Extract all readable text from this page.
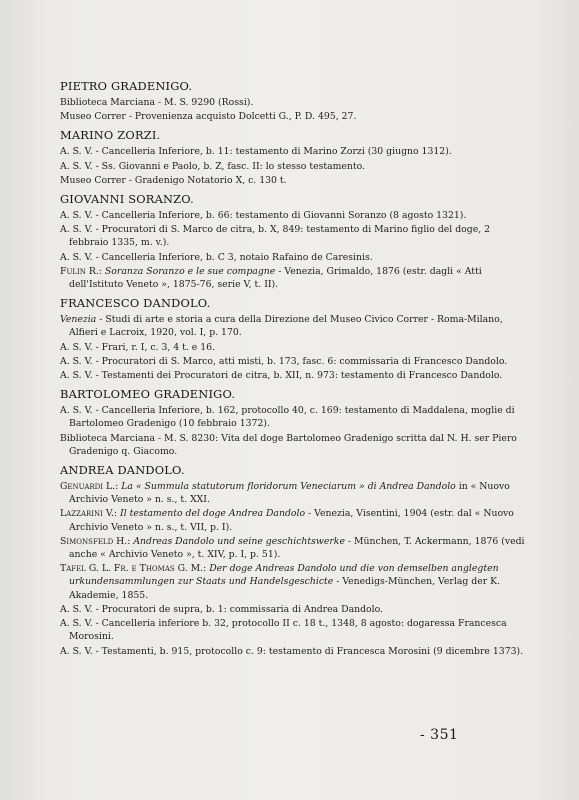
PIETRO GRADENIGO.
Biblioteca Marciana - M. S. 9290 (Rossi).
Museo Correr - Provenienza acquisto Dolcetti G., P. D. 495, 27.
MARINO ZORZI.
A. S. V. - Cancelleria Inferiore, b. 11: testamento di Marino Zorzi (30 giugno 1312).
A. S. V. - Ss. Giovanni e Paolo, b. Z, fasc. II: lo stesso testamento.
Museo Correr - Gradenigo Notatorio X, c. 130 t.
GIOVANNI SORANZO.
A. S. V. - Cancelleria Inferiore, b. 66: testamento di Giovanni Soranzo (8 agosto 1321).
A. S. V. - Procuratori di S. Marco de citra, b. X, 849: testamento di Marino figlio del doge, 2 febbraio 1335, m. v.).
A. S. V. - Cancelleria Inferiore, b. C 3, notaio Rafaino de Caresinis.
Fulin R.: Soranza Soranzo e le sue compagne - Venezia, Grimaldo, 1876 (estr. dagli « Atti dell'Istituto Veneto », 1875-76, serie V, t. II).
FRANCESCO DANDOLO.
Venezia - Studi di arte e storia a cura della Direzione del Museo Civico Correr - Roma-Milano, Alfieri e Lacroix, 1920, vol. I, p. 170.
A. S. V. - Frari, r. I, c. 3, 4 t. e 16.
A. S. V. - Procuratori di S. Marco, atti misti, b. 173, fasc. 6: commissaria di Francesco Dandolo.
A. S. V. - Testamenti dei Procuratori de citra, b. XII, n. 973: testamento di Francesco Dandolo.
BARTOLOMEO GRADENIGO.
A. S. V. - Cancelleria Inferiore, b. 162, protocollo 40, c. 169: testamento di Maddalena, moglie di Bartolomeo Gradenigo (10 febbraio 1372).
Biblioteca Marciana - M. S. 8230: Vita del doge Bartolomeo Gradenigo scritta dal N. H. ser Piero Gradenigo q. Giacomo.
ANDREA DANDOLO.
Genuardi L.: La « Summula statutorum floridorum Veneciarum » di Andrea Dandolo in « Nuovo Archivio Veneto » n. s., t. XXI.
Lazzarini V.: Il testamento del doge Andrea Dandolo - Venezia, Visentini, 1904 (estr. dal « Nuovo Archivio Veneto » n. s., t. VII, p. I).
Simonsfeld H.: Andreas Dandolo und seine geschichtswerke - München, T. Ackermann, 1876 (vedi anche « Archivio Veneto », t. XIV, p. I, p. 51).
Tafel G. L. Fr. e Thomas G. M.: Der doge Andreas Dandolo und die von demselben anglegten urkundensammlungen zur Staats und Handelsgeschicte - Venedigs-München, Verlag der K. Akademie, 1855.
A. S. V. - Procuratori de supra, b. 1: commissaria di Andrea Dandolo.
A. S. V. - Cancelleria inferiore b. 32, protocollo II c. 18 t., 1348, 8 agosto: dogaressa Francesca Morosini.
A. S. V. - Testamenti, b. 915, protocollo c. 9: testamento di Francesca Morosini (9 dicembre 1373).
- 351
